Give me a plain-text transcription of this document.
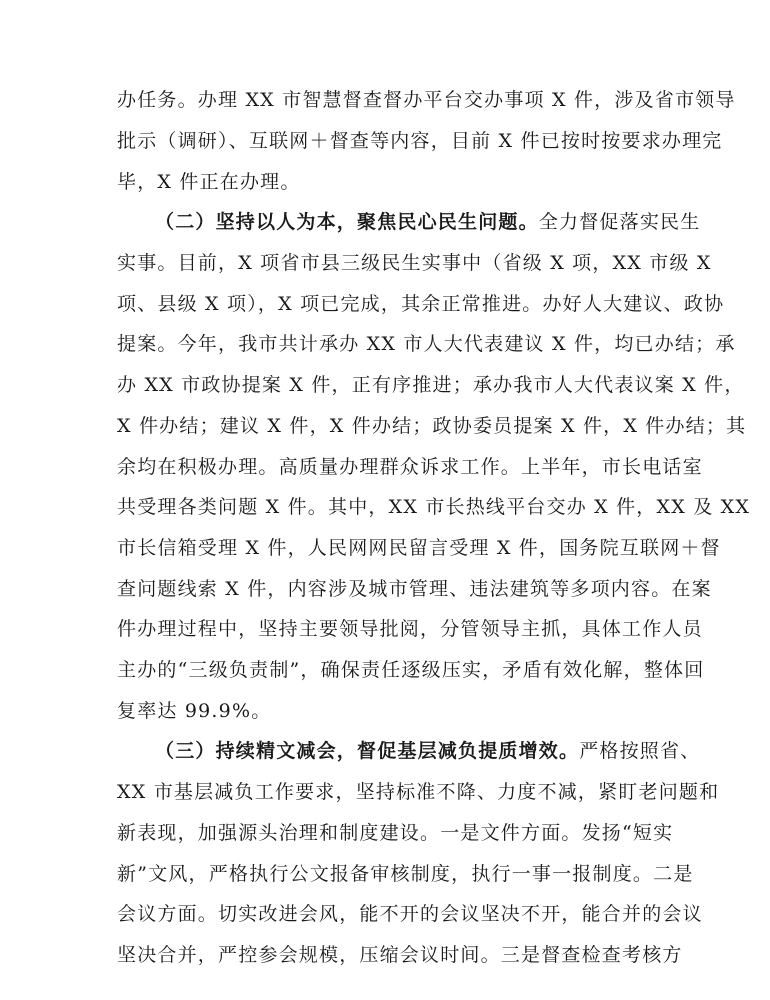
办任务。办理 XX 市智慧督查督办平台交办事项 X 件，涉及省市领导
批示（调研）、互联网＋督查等内容，目前 X 件已按时按要求办理完
毕，X 件正在办理。
（二）坚持以人为本，聚焦民心民生问题。全力督促落实民生
实事。目前，X 项省市县三级民生实事中（省级 X 项，XX 市级 X
项、县级 X 项），X 项已完成，其余正常推进。办好人大建议、政协
提案。今年，我市共计承办 XX 市人大代表建议 X 件，均已办结；承
办 XX 市政协提案 X 件，正有序推进；承办我市人大代表议案 X 件，
X 件办结；建议 X 件，X 件办结；政协委员提案 X 件，X 件办结；其
余均在积极办理。高质量办理群众诉求工作。上半年，市长电话室
共受理各类问题 X 件。其中，XX 市长热线平台交办 X 件，XX 及 XX
市长信箱受理 X 件，人民网网民留言受理 X 件，国务院互联网＋督
查问题线索 X 件，内容涉及城市管理、违法建筑等多项内容。在案
件办理过程中，坚持主要领导批阅，分管领导主抓，具体工作人员
主办的“三级负责制”，确保责任逐级压实，矛盾有效化解，整体回
复率达 99.9%。
（三）持续精文减会，督促基层减负提质增效。严格按照省、
XX 市基层减负工作要求，坚持标准不降、力度不减，紧盯老问题和
新表现，加强源头治理和制度建设。一是文件方面。发扬“短实
新”文风，严格执行公文报备审核制度，执行一事一报制度。二是
会议方面。切实改进会风，能不开的会议坚决不开，能合并的会议
坚决合并，严控参会规模，压缩会议时间。三是督查检查考核方
